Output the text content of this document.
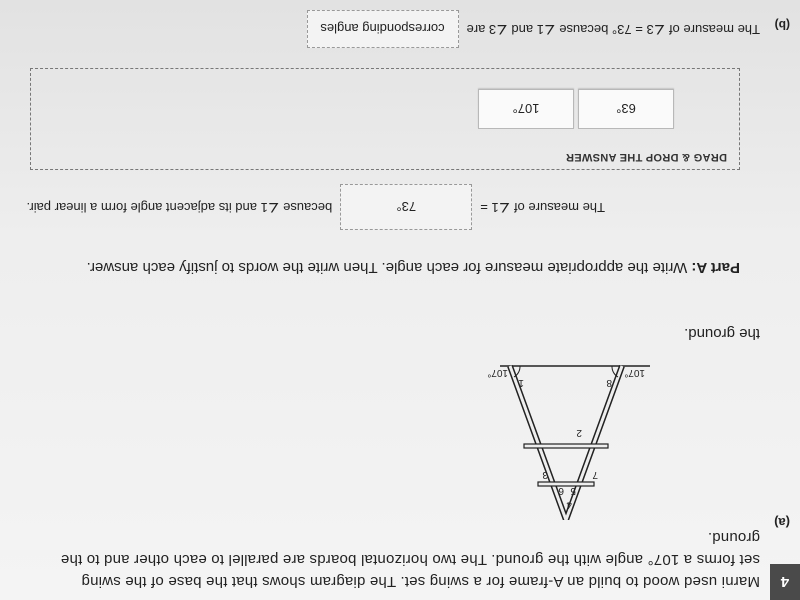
4
Marni used wood to build an A-frame for a swing set. The diagram shows that the base of the swing set forms a 107° angle with the ground. The two horizontal boards are parallel to each other and to the ground.
(a)
4
5
6
3	7
2
1	8
107°
107°
the ground.
Part A: Write the appropriate measure for each angle. Then write the words to justify each answer.
The measure of ∠1 =
73°
because ∠1 and its adjacent angle form a linear pair.
DRAG & DROP THE ANSWER
63°
107°
(b)
The measure of ∠3 = 73° because ∠1 and ∠3 are
corresponding angles
